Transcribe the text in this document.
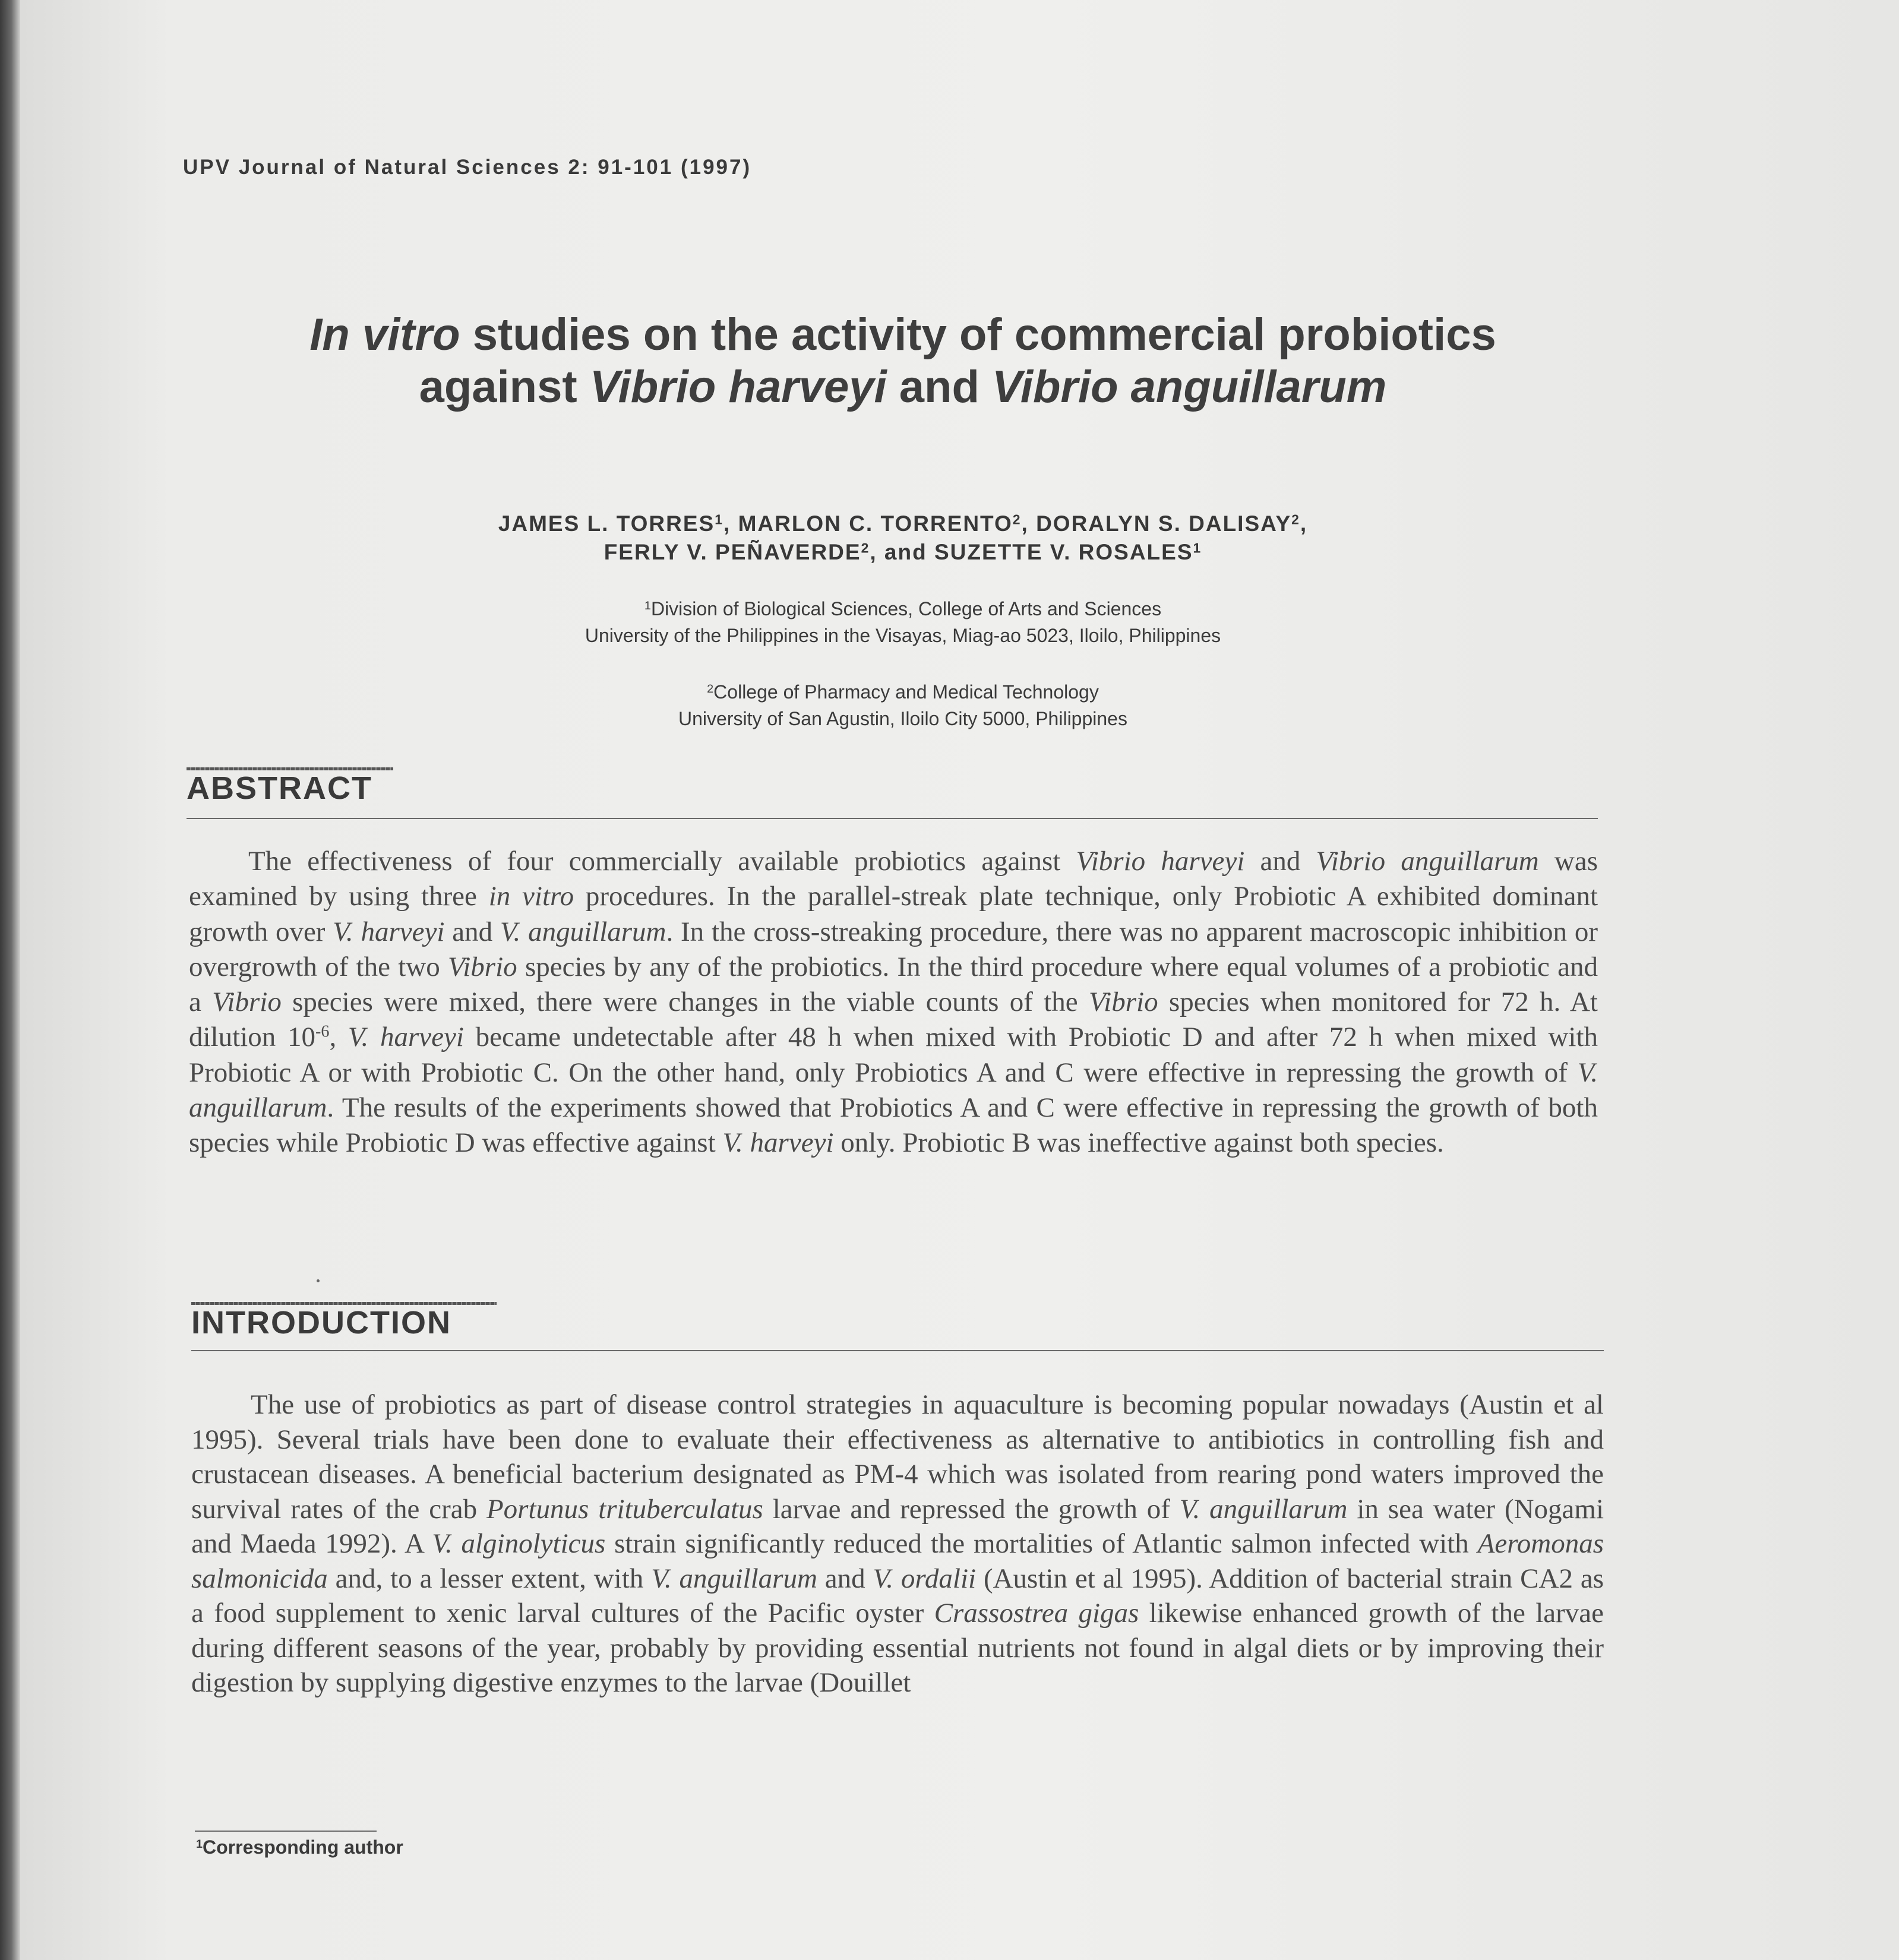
UPV Journal of Natural Sciences 2: 91-101 (1997)
In vitro studies on the activity of commercial probiotics against Vibrio harveyi and Vibrio anguillarum
JAMES L. TORRES$^1$, MARLON C. TORRENTO$^2$, DORALYN S. DALISAY$^2$,
FERLY V. PEÑAVERDE$^2$, and SUZETTE V. ROSALES$^1$
$^1$Division of Biological Sciences, College of Arts and Sciences
University of the Philippines in the Visayas, Miag-ao 5023, Iloilo, Philippines
$^2$College of Pharmacy and Medical Technology
University of San Agustin, Iloilo City 5000, Philippines
ABSTRACT

The effectiveness of four commercially available probiotics against Vibrio harveyi and Vibrio anguillarum was examined by using three in vitro procedures. In the parallel-streak plate technique, only Probiotic A exhibited dominant growth over V. harveyi and V. anguillarum. In the cross-streaking procedure, there was no apparent macroscopic inhibition or overgrowth of the two Vibrio species by any of the probiotics. In the third procedure where equal volumes of a probiotic and a Vibrio species were mixed, there were changes in the viable counts of the Vibrio species when monitored for 72 h. At dilution $10^{-6}$, V. harveyi became undetectable after 48 h when mixed with Probiotic D and after 72 h when mixed with Probiotic A or with Probiotic C. On the other hand, only Probiotics A and C were effective in repressing the growth of V. anguillarum. The results of the experiments showed that Probiotics A and C were effective in repressing the growth of both species while Probiotic D was effective against V. harveyi only. Probiotic B was ineffective against both species.

INTRODUCTION

The use of probiotics as part of disease control strategies in aquaculture is becoming popular nowadays (Austin et al 1995). Several trials have been done to evaluate their effectiveness as alternative to antibiotics in controlling fish and crustacean diseases. A beneficial bacterium designated as PM-4 which was isolated from rearing pond waters improved the survival rates of the crab Portunus trituberculatus larvae and repressed the growth of V. anguillarum in sea water (Nogami and Maeda 1992). A V. alginolyticus strain significantly reduced the mortalities of Atlantic salmon infected with Aeromonas salmonicida and, to a lesser extent, with V. anguillarum and V. ordalii (Austin et al 1995). Addition of bacterial strain CA2 as a food supplement to xenic larval cultures of the Pacific oyster Crassostrea gigas likewise enhanced growth of the larvae during different seasons of the year, probably by providing essential nutrients not found in algal diets or by improving their digestion by supplying digestive enzymes to the larvae (Douillet

$^1$Corresponding author
